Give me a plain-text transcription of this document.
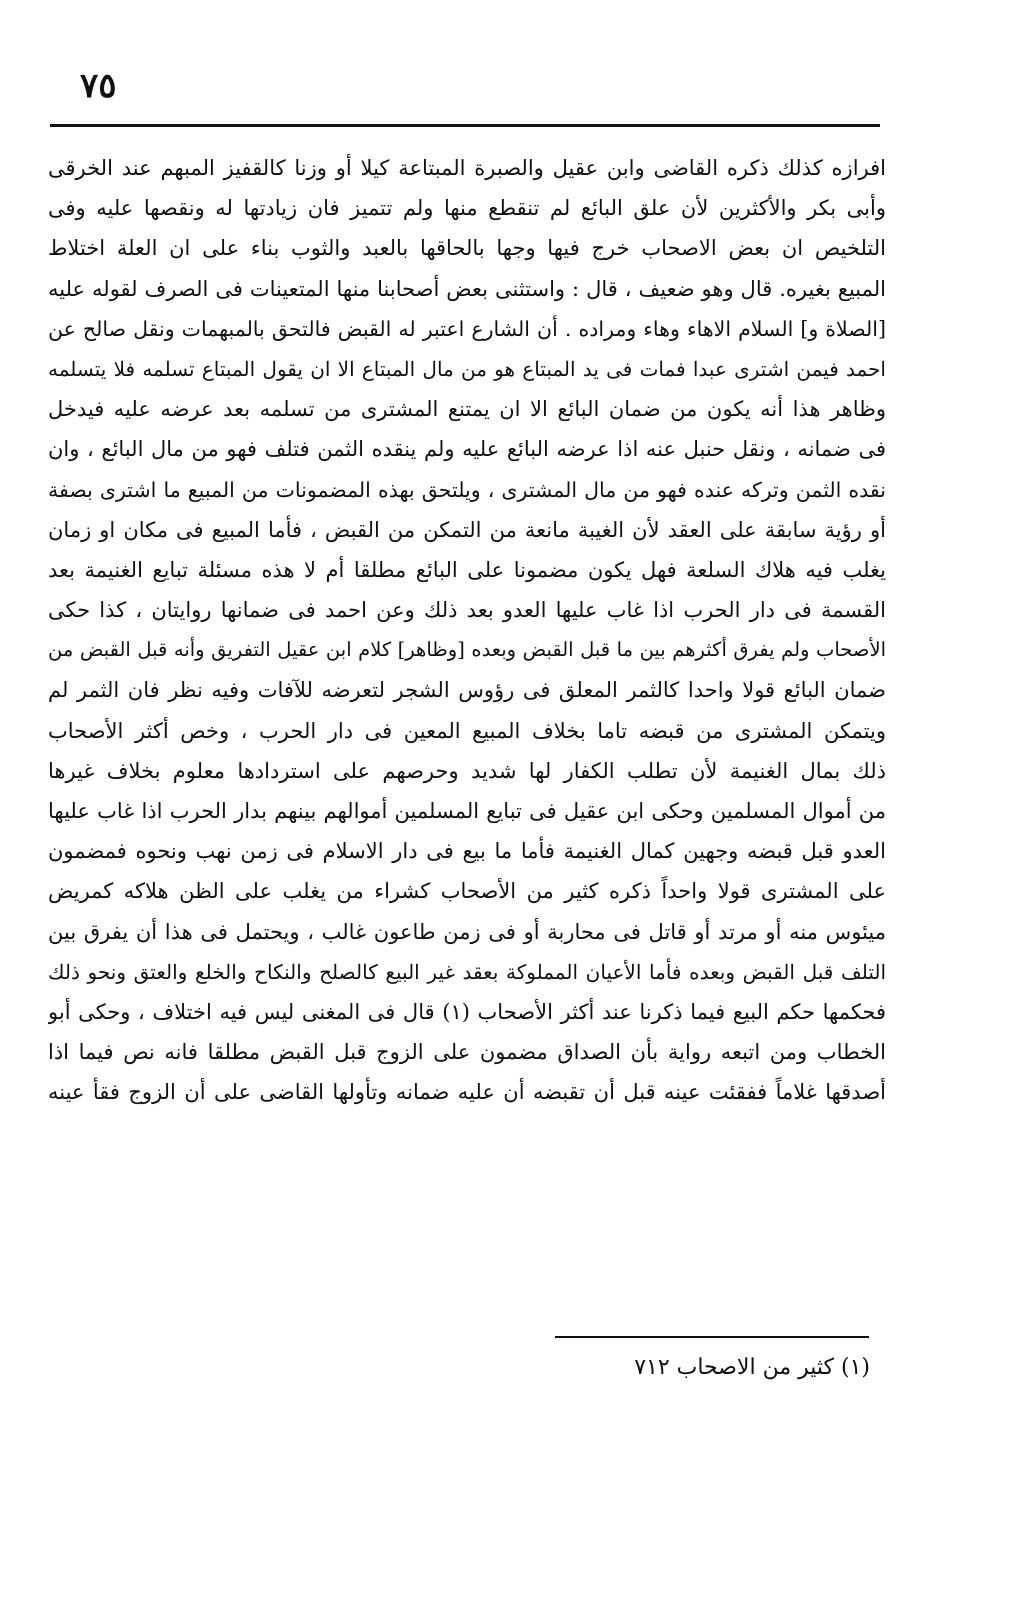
٧٥
افرازه كذلك ذكره القاضى وابن عقيل والصبرة المبتاعة كيلا أو وزنا كالقفيز المبهم عند الخرقى
وأبى بكر والأكثرين لأن علق البائع لم تنقطع منها ولم تتميز فان زيادتها له ونقصها عليه وفى
التلخيص ان بعض الاصحاب خرج فيها وجها بالحاقها بالعبد والثوب بناء على ان العلة اختلاط
المبيع بغيره. قال وهو ضعيف ، قال : واستثنى بعض أصحابنا منها المتعينات فى الصرف لقوله عليه
[الصلاة و] السلام الاهاء وهاء ومراده . أن الشارع اعتبر له القبض فالتحق بالمبهمات ونقل صالح عن
احمد فيمن اشترى عبدا فمات فى يد المبتاع هو من مال المبتاع الا ان يقول المبتاع تسلمه فلا يتسلمه
وظاهر هذا أنه يكون من ضمان البائع الا ان يمتنع المشترى من تسلمه بعد عرضه عليه فيدخل
فى ضمانه ، ونقل حنبل عنه اذا عرضه البائع عليه ولم ينقده الثمن فتلف فهو من مال البائع ، وان
نقده الثمن وتركه عنده فهو من مال المشترى ، ويلتحق بهذه المضمونات من المبيع ما اشترى بصفة
أو رؤية سابقة على العقد لأن الغيبة مانعة من التمكن من القبض ، فأما المبيع فى مكان او زمان
يغلب فيه هلاك السلعة فهل يكون مضمونا على البائع مطلقا أم لا هذه مسئلة تبايع الغنيمة بعد
القسمة فى دار الحرب اذا غاب عليها العدو بعد ذلك وعن احمد فى ضمانها روايتان ، كذا حكى
الأصحاب ولم يفرق أكثرهم بين ما قبل القبض وبعده [وظاهر] كلام ابن عقيل التفريق وأنه قبل القبض من
ضمان البائع قولا واحدا كالثمر المعلق فى رؤوس الشجر لتعرضه للآفات وفيه نظر فان الثمر لم
ويتمكن المشترى من قبضه تاما بخلاف المبيع المعين فى دار الحرب ، وخص أكثر الأصحاب
ذلك بمال الغنيمة لأن تطلب الكفار لها شديد وحرصهم على استردادها معلوم بخلاف غيرها
من أموال المسلمين وحكى ابن عقيل فى تبايع المسلمين أموالهم بينهم بدار الحرب اذا غاب عليها
العدو قبل قبضه وجهين كمال الغنيمة فأما ما بيع فى دار الاسلام فى زمن نهب ونحوه فمضمون
على المشترى قولا واحداً ذكره كثير من الأصحاب كشراء من يغلب على الظن هلاكه كمريض
ميئوس منه أو مرتد أو قاتل فى محاربة أو فى زمن طاعون غالب ، ويحتمل فى هذا أن يفرق بين
التلف قبل القبض وبعده فأما الأعيان المملوكة بعقد غير البيع كالصلح والنكاح والخلع والعتق ونحو ذلك
فحكمها حكم البيع فيما ذكرنا عند أكثر الأصحاب (١) قال فى المغنى ليس فيه اختلاف ، وحكى أبو
الخطاب ومن اتبعه رواية بأن الصداق مضمون على الزوج قبل القبض مطلقا فانه نص فيما اذا
أصدقها غلاماً ففقئت عينه قبل أن تقبضه أن عليه ضمانه وتأولها القاضى على أن الزوج فقأ عينه
(١) كثير من الاصحاب ٧١٢
